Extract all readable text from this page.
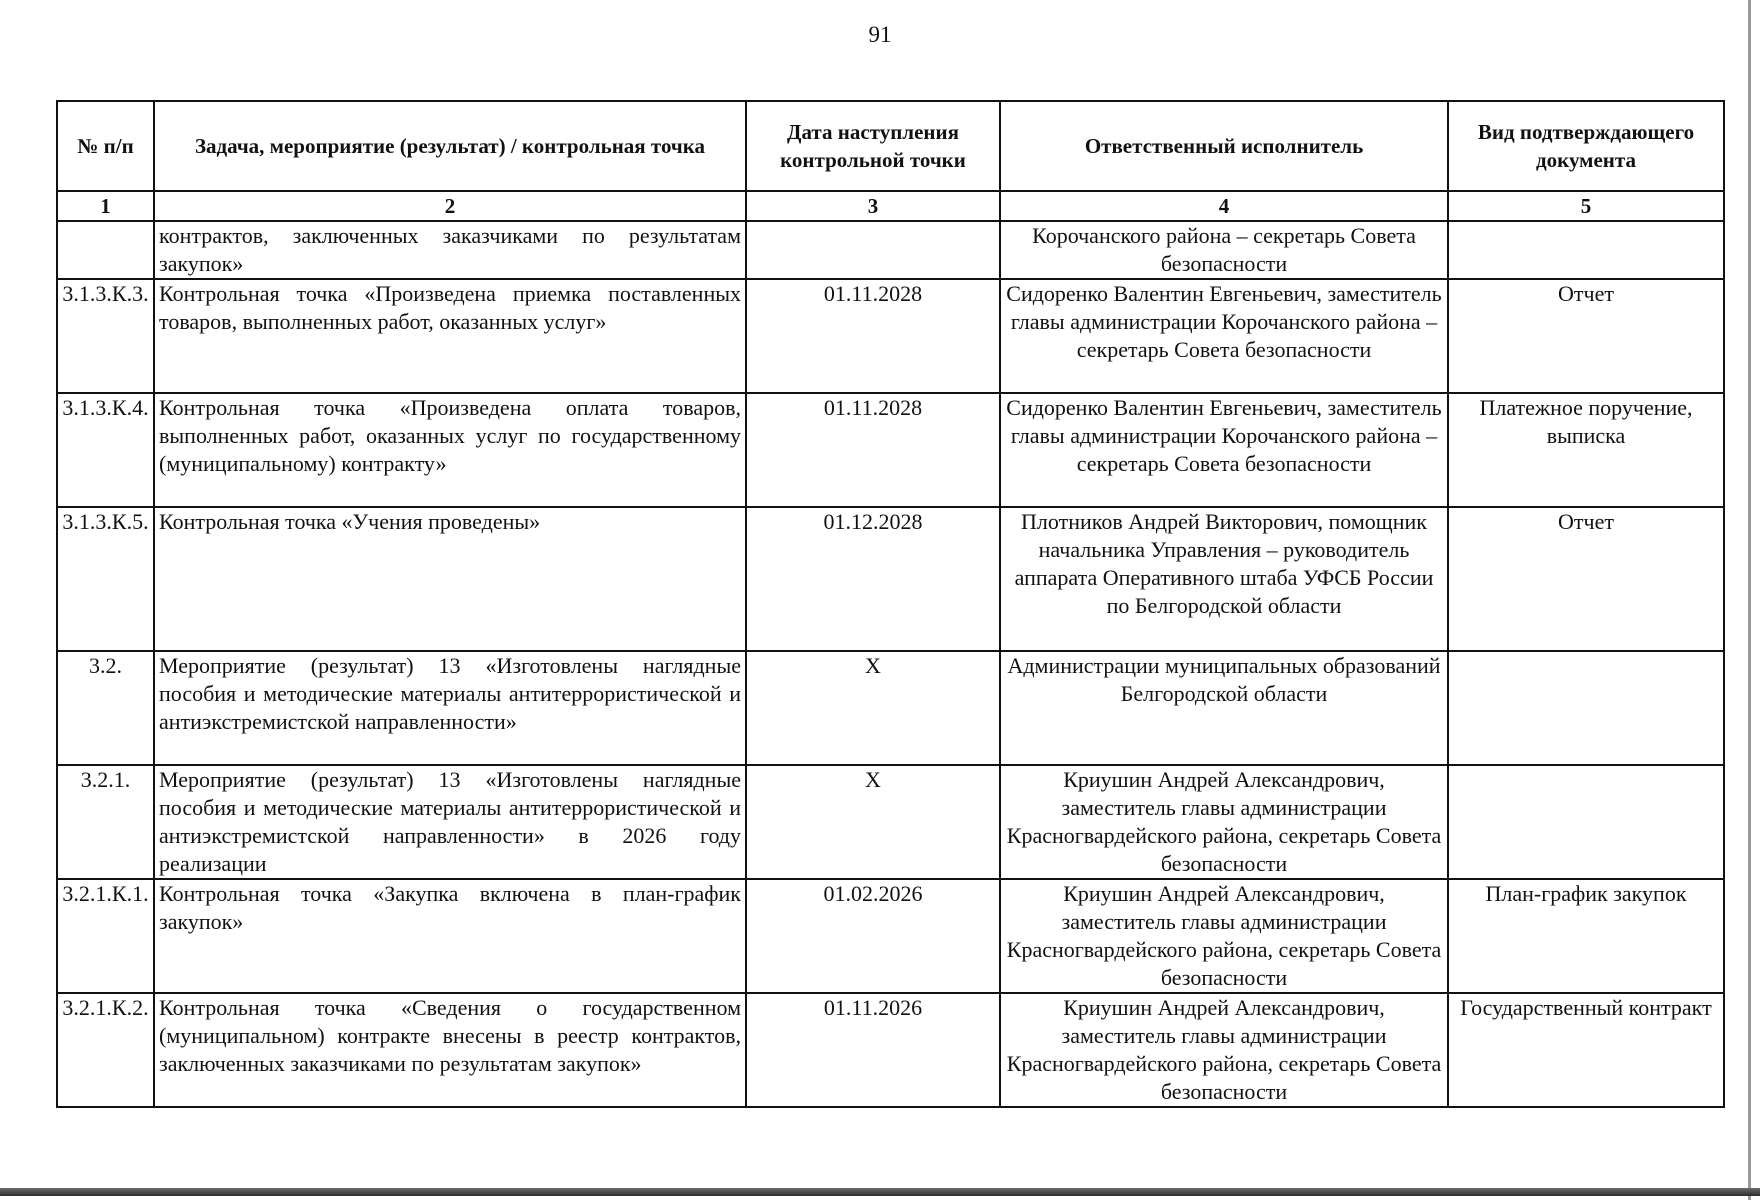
91
№ п/п	Задача, мероприятие (результат) / контрольная точка	Дата наступления контрольной точки	Ответственный исполнитель	Вид подтверждающего документа
1	2	3	4	5
	контрактов, заключенных заказчиками по результатам закупок»		Корочанского района – секретарь Совета безопасности	
3.1.3.К.3.	Контрольная точка «Произведена приемка поставленных товаров, выполненных работ, оказанных услуг»	01.11.2028	Сидоренко Валентин Евгеньевич, заместитель главы администрации Корочанского района – секретарь Совета безопасности	Отчет
3.1.3.К.4.	Контрольная точка «Произведена оплата товаров, выполненных работ, оказанных услуг по государственному (муниципальному) контракту»	01.11.2028	Сидоренко Валентин Евгеньевич, заместитель главы администрации Корочанского района – секретарь Совета безопасности	Платежное поручение, выписка
3.1.3.К.5.	Контрольная точка «Учения проведены»	01.12.2028	Плотников Андрей Викторович, помощник начальника Управления – руководитель аппарата Оперативного штаба УФСБ России по Белгородской области	Отчет
3.2.	Мероприятие (результат) 13 «Изготовлены наглядные пособия и методические материалы антитеррористической и антиэкстремистской направленности»	Х	Администрации муниципальных образований Белгородской области	
3.2.1.	Мероприятие (результат) 13 «Изготовлены наглядные пособия и методические материалы антитеррористической и антиэкстремистской направленности» в 2026 году реализации	Х	Криушин Андрей Александрович, заместитель главы администрации Красногвардейского района, секретарь Совета безопасности	
3.2.1.К.1.	Контрольная точка «Закупка включена в план-график закупок»	01.02.2026	Криушин Андрей Александрович, заместитель главы администрации Красногвардейского района, секретарь Совета безопасности	План-график закупок
3.2.1.К.2.	Контрольная точка «Сведения о государственном (муниципальном) контракте внесены в реестр контрактов, заключенных заказчиками по результатам закупок»	01.11.2026	Криушин Андрей Александрович, заместитель главы администрации Красногвардейского района, секретарь Совета безопасности	Государственный контракт
